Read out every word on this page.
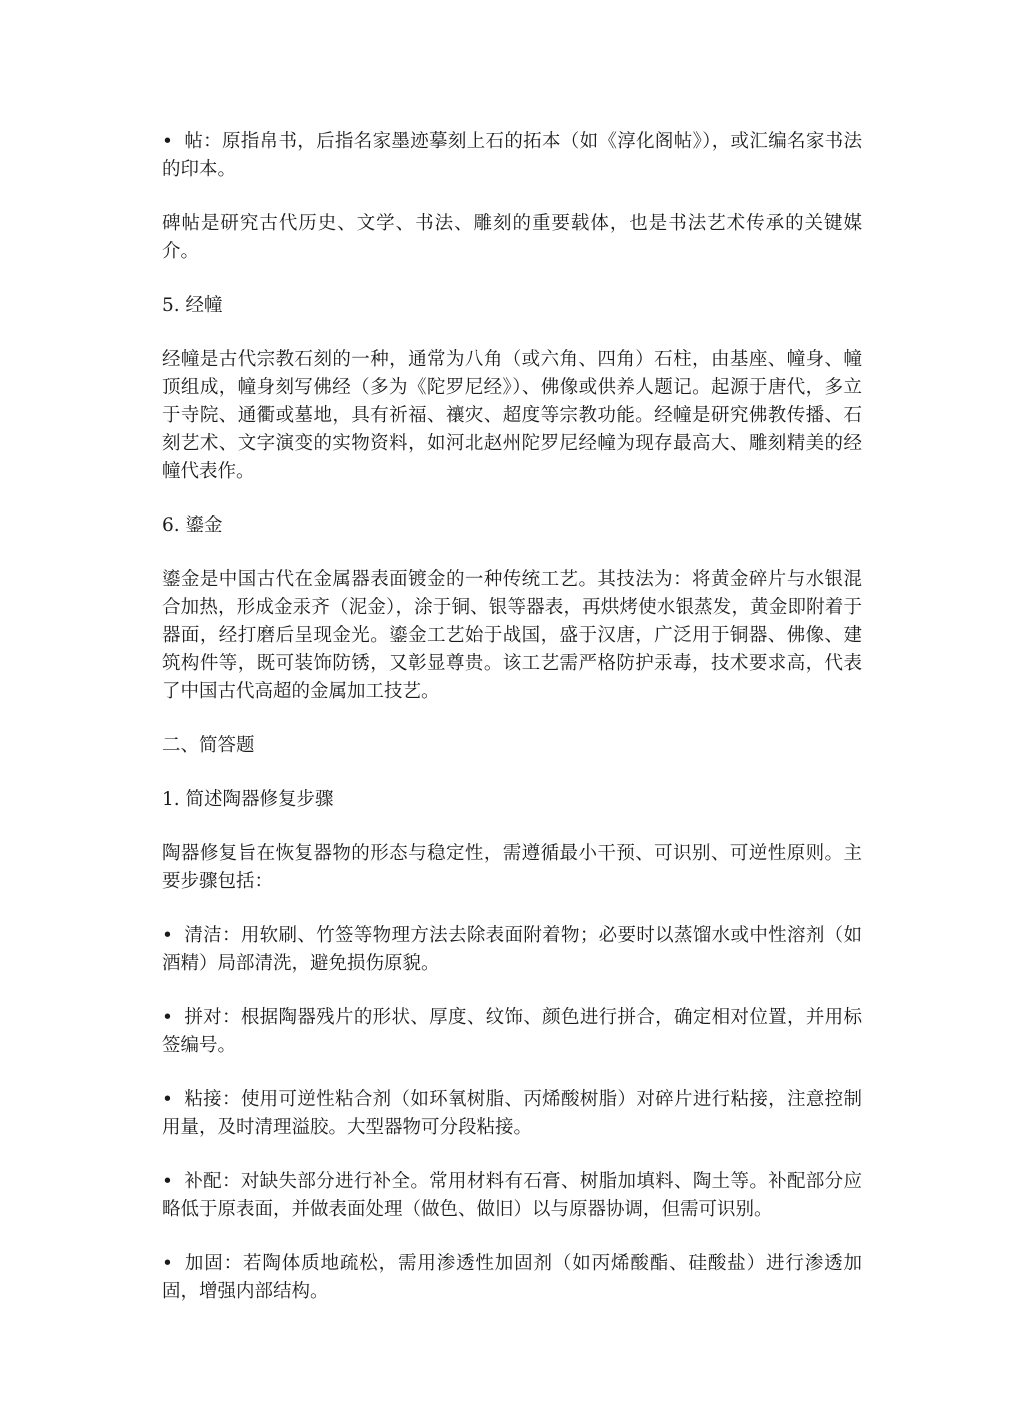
• 帖：原指帛书，后指名家墨迹摹刻上石的拓本（如《淳化阁帖》），或汇编名家书法的印本。

碑帖是研究古代历史、文学、书法、雕刻的重要载体，也是书法艺术传承的关键媒介。

5. 经幢

经幢是古代宗教石刻的一种，通常为八角（或六角、四角）石柱，由基座、幢身、幢顶组成，幢身刻写佛经（多为《陀罗尼经》）、佛像或供养人题记。起源于唐代，多立于寺院、通衢或墓地，具有祈福、禳灾、超度等宗教功能。经幢是研究佛教传播、石刻艺术、文字演变的实物资料，如河北赵州陀罗尼经幢为现存最高大、雕刻精美的经幢代表作。

6. 鎏金

鎏金是中国古代在金属器表面镀金的一种传统工艺。其技法为：将黄金碎片与水银混合加热，形成金汞齐（泥金），涂于铜、银等器表，再烘烤使水银蒸发，黄金即附着于器面，经打磨后呈现金光。鎏金工艺始于战国，盛于汉唐，广泛用于铜器、佛像、建筑构件等，既可装饰防锈，又彰显尊贵。该工艺需严格防护汞毒，技术要求高，代表了中国古代高超的金属加工技艺。

二、简答题

1. 简述陶器修复步骤

陶器修复旨在恢复器物的形态与稳定性，需遵循最小干预、可识别、可逆性原则。主要步骤包括：

• 清洁：用软刷、竹签等物理方法去除表面附着物；必要时以蒸馏水或中性溶剂（如酒精）局部清洗，避免损伤原貌。

• 拼对：根据陶器残片的形状、厚度、纹饰、颜色进行拼合，确定相对位置，并用标签编号。

• 粘接：使用可逆性粘合剂（如环氧树脂、丙烯酸树脂）对碎片进行粘接，注意控制用量，及时清理溢胶。大型器物可分段粘接。

• 补配：对缺失部分进行补全。常用材料有石膏、树脂加填料、陶土等。补配部分应略低于原表面，并做表面处理（做色、做旧）以与原器协调，但需可识别。

• 加固：若陶体质地疏松，需用渗透性加固剂（如丙烯酸酯、硅酸盐）进行渗透加固，增强内部结构。
